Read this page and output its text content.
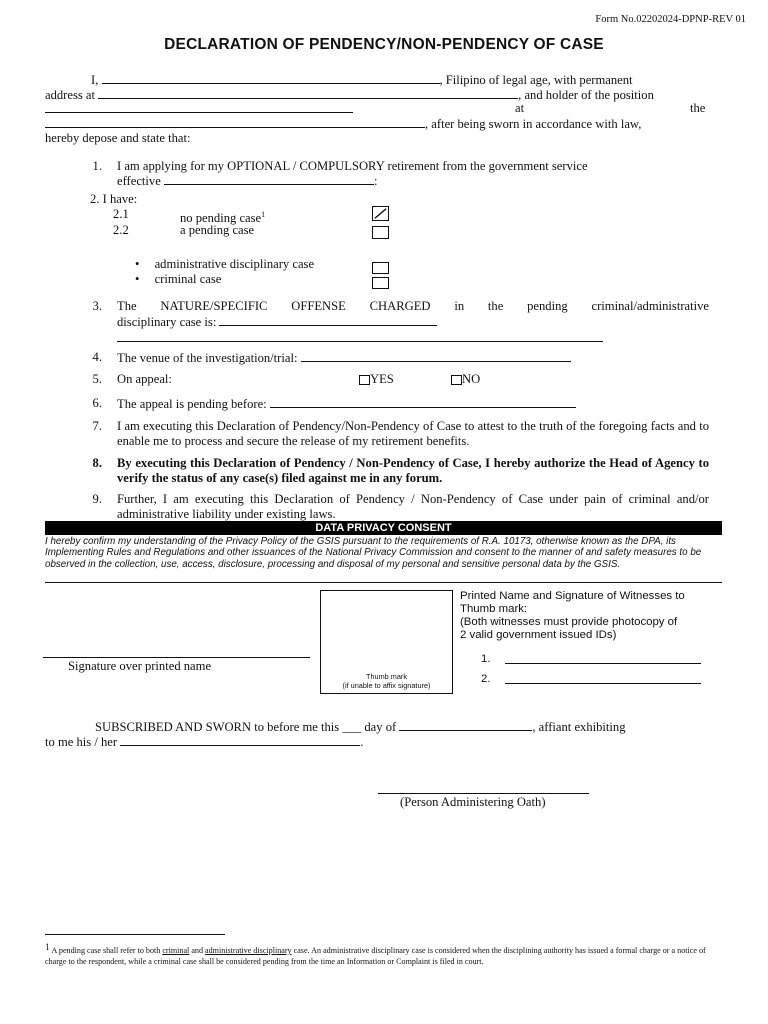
Form No.02202024-DPNP-REV 01
DECLARATION OF PENDENCY/NON-PENDENCY OF CASE
I,	, Filipino of legal age, with permanent
address at	, and holder of the position
at	the
, after being sworn in accordance with law,
hereby depose and state that:
1. I am applying for my OPTIONAL / COMPULSORY retirement from the government service
effective	:
2. I have:
2.1	no pending case$^1$
2.2	a pending case
• administrative disciplinary case
• criminal case
3. The NATURE/SPECIFIC OFFENSE CHARGED in the pending criminal/administrative
disciplinary case is:
4. The venue of the investigation/trial:
5. On appeal:	YES	NO
6. The appeal is pending before:
7. I am executing this Declaration of Pendency/Non-Pendency of Case to attest to the truth of the foregoing facts and to enable me to process and secure the release of my retirement benefits.
8. By executing this Declaration of Pendency / Non-Pendency of Case, I hereby authorize the Head of Agency to verify the status of any case(s) filed against me in any forum.
9. Further, I am executing this Declaration of Pendency / Non-Pendency of Case under pain of criminal and/or administrative liability under existing laws.
DATA PRIVACY CONSENT
I hereby confirm my understanding of the Privacy Policy of the GSIS pursuant to the requirements of R.A. 10173, otherwise known as the DPA, its Implementing Rules and Regulations and other issuances of the National Privacy Commission and consent to the manner of and safety measures to be observed in the collection, use, access, disclosure, processing and disposal of my personal and sensitive personal data by the GSIS.
Signature over printed name
Thumb mark
(if unable to affix signature)
Printed Name and Signature of Witnesses to
Thumb mark:
(Both witnesses must provide photocopy of
2 valid government issued IDs)
1.
2.
SUBSCRIBED AND SWORN to before me this ___ day of	, affiant exhibiting
to me his / her	.
(Person Administering Oath)
$^1$ A pending case shall refer to both criminal and administrative disciplinary case. An administrative disciplinary case is considered when the disciplining authority has issued a formal charge or a notice of charge to the respondent, while a criminal case shall be considered pending from the time an Information or Complaint is filed in court.
